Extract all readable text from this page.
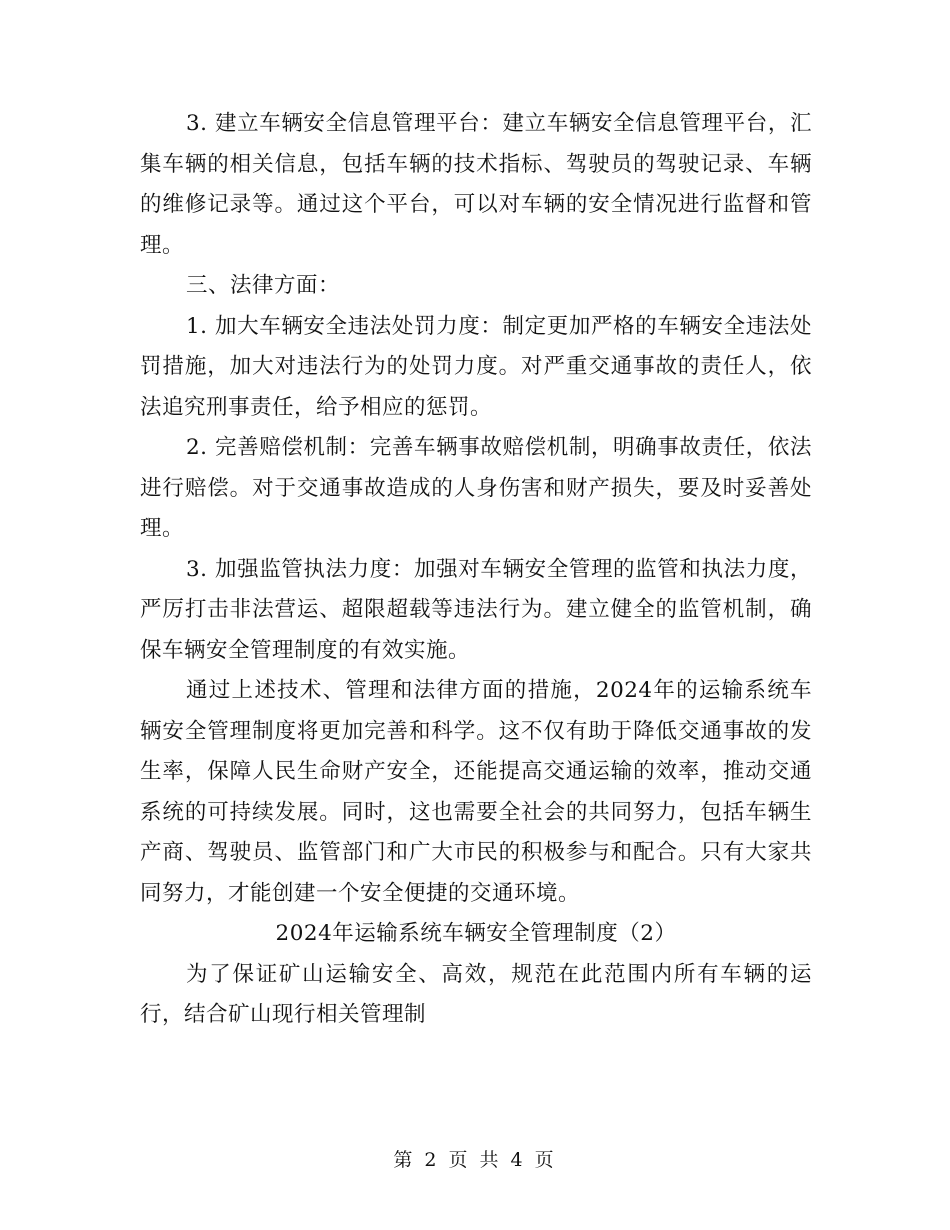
3. 建立车辆安全信息管理平台：建立车辆安全信息管理平台，汇集车辆的相关信息，包括车辆的技术指标、驾驶员的驾驶记录、车辆的维修记录等。通过这个平台，可以对车辆的安全情况进行监督和管理。

三、法律方面：

1. 加大车辆安全违法处罚力度：制定更加严格的车辆安全违法处罚措施，加大对违法行为的处罚力度。对严重交通事故的责任人，依法追究刑事责任，给予相应的惩罚。

2. 完善赔偿机制：完善车辆事故赔偿机制，明确事故责任，依法进行赔偿。对于交通事故造成的人身伤害和财产损失，要及时妥善处理。

3. 加强监管执法力度：加强对车辆安全管理的监管和执法力度，严厉打击非法营运、超限超载等违法行为。建立健全的监管机制，确保车辆安全管理制度的有效实施。

通过上述技术、管理和法律方面的措施，2024年的运输系统车辆安全管理制度将更加完善和科学。这不仅有助于降低交通事故的发生率，保障人民生命财产安全，还能提高交通运输的效率，推动交通系统的可持续发展。同时，这也需要全社会的共同努力，包括车辆生产商、驾驶员、监管部门和广大市民的积极参与和配合。只有大家共同努力，才能创建一个安全便捷的交通环境。

2024年运输系统车辆安全管理制度（2）

为了保证矿山运输安全、高效，规范在此范围内所有车辆的运行，结合矿山现行相关管理制

第 2 页 共 4 页
